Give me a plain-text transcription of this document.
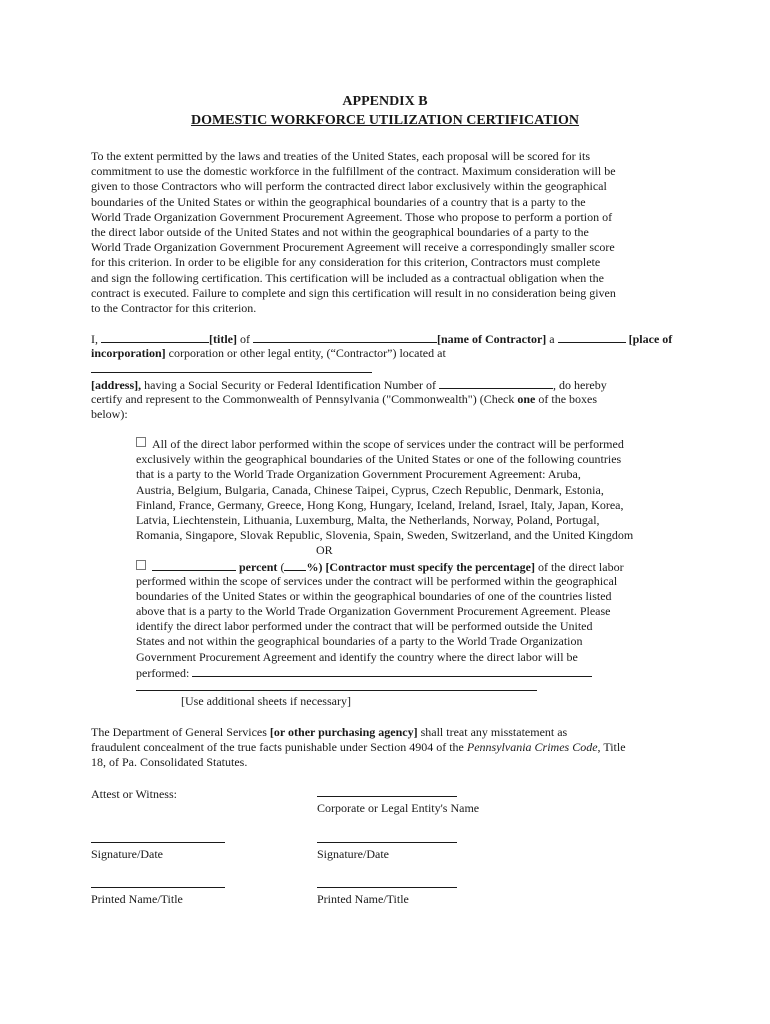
APPENDIX B
DOMESTIC WORKFORCE UTILIZATION CERTIFICATION
To the extent permitted by the laws and treaties of the United States, each proposal will be scored for its
commitment to use the domestic workforce in the fulfillment of the contract. Maximum consideration will be
given to those Contractors who will perform the contracted direct labor exclusively within the geographical
boundaries of the United States or within the geographical boundaries of a country that is a party to the
World Trade Organization Government Procurement Agreement. Those who propose to perform a portion of
the direct labor outside of the United States and not within the geographical boundaries of a party to the
World Trade Organization Government Procurement Agreement will receive a correspondingly smaller score
for this criterion. In order to be eligible for any consideration for this criterion, Contractors must complete
and sign the following certification. This certification will be included as a contractual obligation when the
contract is executed. Failure to complete and sign this certification will result in no consideration being given
to the Contractor for this criterion.
I,	[title] of	[name of Contractor] a	[place of
incorporation] corporation or other legal entity, (“Contractor”) located at
[address], having a Social Security or Federal Identification Number of	, do hereby
certify and represent to the Commonwealth of Pennsylvania ("Commonwealth") (Check one of the boxes
below):
All of the direct labor performed within the scope of services under the contract will be performed
exclusively within the geographical boundaries of the United States or one of the following countries
that is a party to the World Trade Organization Government Procurement Agreement: Aruba,
Austria, Belgium, Bulgaria, Canada, Chinese Taipei, Cyprus, Czech Republic, Denmark, Estonia,
Finland, France, Germany, Greece, Hong Kong, Hungary, Iceland, Ireland, Israel, Italy, Japan, Korea,
Latvia, Liechtenstein, Lithuania, Luxemburg, Malta, the Netherlands, Norway, Poland, Portugal,
Romania, Singapore, Slovak Republic, Slovenia, Spain, Sweden, Switzerland, and the United Kingdom
OR
percent ( %) [Contractor must specify the percentage] of the direct labor
performed within the scope of services under the contract will be performed within the geographical
boundaries of the United States or within the geographical boundaries of one of the countries listed
above that is a party to the World Trade Organization Government Procurement Agreement. Please
identify the direct labor performed under the contract that will be performed outside the United
States and not within the geographical boundaries of a party to the World Trade Organization
Government Procurement Agreement and identify the country where the direct labor will be
performed:
[Use additional sheets if necessary]
The Department of General Services [or other purchasing agency] shall treat any misstatement as
fraudulent concealment of the true facts punishable under Section 4904 of the Pennsylvania Crimes Code, Title
18, of Pa. Consolidated Statutes.
Attest or Witness:
Corporate or Legal Entity's Name
Signature/Date	Signature/Date
Printed Name/Title	Printed Name/Title
